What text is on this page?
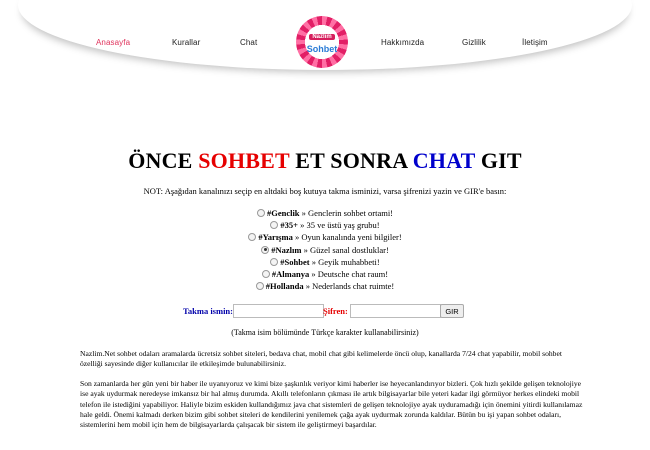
Anasayfa	Kurallar	Chat
Nazlım
Sohbet
Hakkımızda	Gizlilik	İletişim
ÖNCE SOHBET ET SONRA CHAT GIT
NOT: Aşağıdan kanalınızı seçip en altdaki boş kutuya takma isminizi, varsa şifrenizi yazin ve GIR'e basın:
#Genclik » Genclerin sohbet ortami!
#35+ » 35 ve üstü yaş grubu!
#Yarışma » Oyun kanalında yeni bilgiler!
#Nazlım » Güzel sanal dostluklar!
#Sohbet » Geyik muhabbeti!
#Almanya » Deutsche chat raum!
#Hollanda » Nederlands chat ruimte!
Takma ismin:	Şifren:	GIR
(Takma isim bölümünde Türkçe karakter kullanabilirsiniz)
Nazlim.Net sohbet odaları aramalarda ücretsiz sohbet siteleri, bedava chat, mobil chat gibi kelimelerde öncü olup, kanallarda 7/24 chat yapabilir, mobil sohbet özelliği sayesinde diğer kullanıcılar ile etkileşimde bulunabilirsiniz.
Son zamanlarda her gün yeni bir haber ile uyanıyoruz ve kimi bize şaşkınlık veriyor kimi haberler ise heyecanlandırıyor bizleri. Çok hızlı şekilde gelişen teknolojiye ise ayak uydurmak neredeyse imkansız bir hal almış durumda. Akıllı telefonların çıkması ile artık bilgisayarlar bile yeteri kadar ilgi görmüyor herkes elindeki mobil telefon ile istediğini yapabiliyor. Haliyle bizim eskiden kullandığımız java chat sistemleri de gelişen teknolojiye ayak uyduramadığı için önemini yitirdi kullanılamaz hale geldi. Önemi kalmadı derken bizim gibi sohbet siteleri de kendilerini yenilemek çağa ayak uydurmak zorunda kaldılar. Bütün bu işi yapan sohbet odaları, sistemlerini hem mobil için hem de bilgisayarlarda çalışacak bir sistem ile geliştirmeyi başardılar.
